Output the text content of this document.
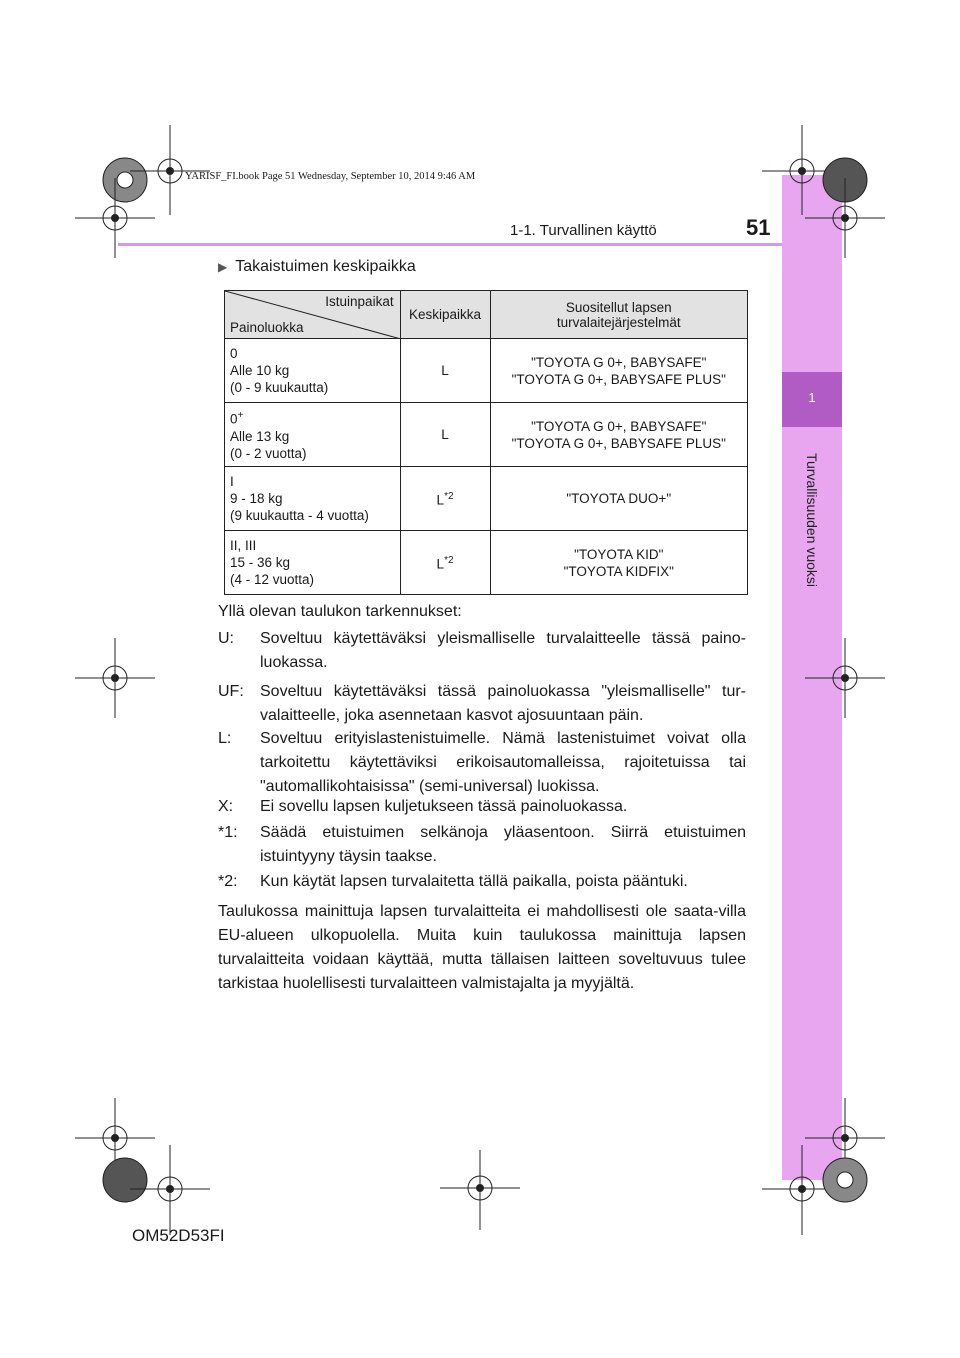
1
Turvallisuuden vuoksi
YARISF_FI.book Page 51 Wednesday, September 10, 2014 9:46 AM
1-1. Turvallinen käyttö	51
▶ Takaistuimen keskipaikka
Istuinpaikat
Painoluokka	Keskipaikka	Suositellut lapsen
turvalaitejärjestelmät
0
Alle 10 kg
(0 - 9 kuukautta)	L	"TOYOTA G 0+, BABYSAFE"
"TOYOTA G 0+, BABYSAFE PLUS"
0+
Alle 13 kg
(0 - 2 vuotta)	L	"TOYOTA G 0+, BABYSAFE"
"TOYOTA G 0+, BABYSAFE PLUS"
I
9 - 18 kg
(9 kuukautta - 4 vuotta)	$L^{*2}$	"TOYOTA DUO+"
II, III
15 - 36 kg
(4 - 12 vuotta)	$L^{*2}$	"TOYOTA KID"
"TOYOTA KIDFIX"
Yllä olevan taulukon tarkennukset:
U: Soveltuu käytettäväksi yleismalliselle turvalaitteelle tässä paino-luokassa.
UF: Soveltuu käytettäväksi tässä painoluokassa "yleismalliselle" tur-valaitteelle, joka asennetaan kasvot ajosuuntaan päin.
L: Soveltuu erityislastenistuimelle. Nämä lastenistuimet voivat olla tarkoitettu käytettäviksi erikoisautomalleissa, rajoitetuissa tai "automallikohtaisissa" (semi-universal) luokissa.
X: Ei sovellu lapsen kuljetukseen tässä painoluokassa.
*1: Säädä etuistuimen selkänoja yläasentoon. Siirrä etuistuimen istuintyyny täysin taakse.
*2: Kun käytät lapsen turvalaitetta tällä paikalla, poista pääntuki.
Taulukossa mainittuja lapsen turvalaitteita ei mahdollisesti ole saata-villa EU-alueen ulkopuolella. Muita kuin taulukossa mainittuja lapsen turvalaitteita voidaan käyttää, mutta tällaisen laitteen soveltuvuus tulee tarkistaa huolellisesti turvalaitteen valmistajalta ja myyjältä.
OM52D53FI
